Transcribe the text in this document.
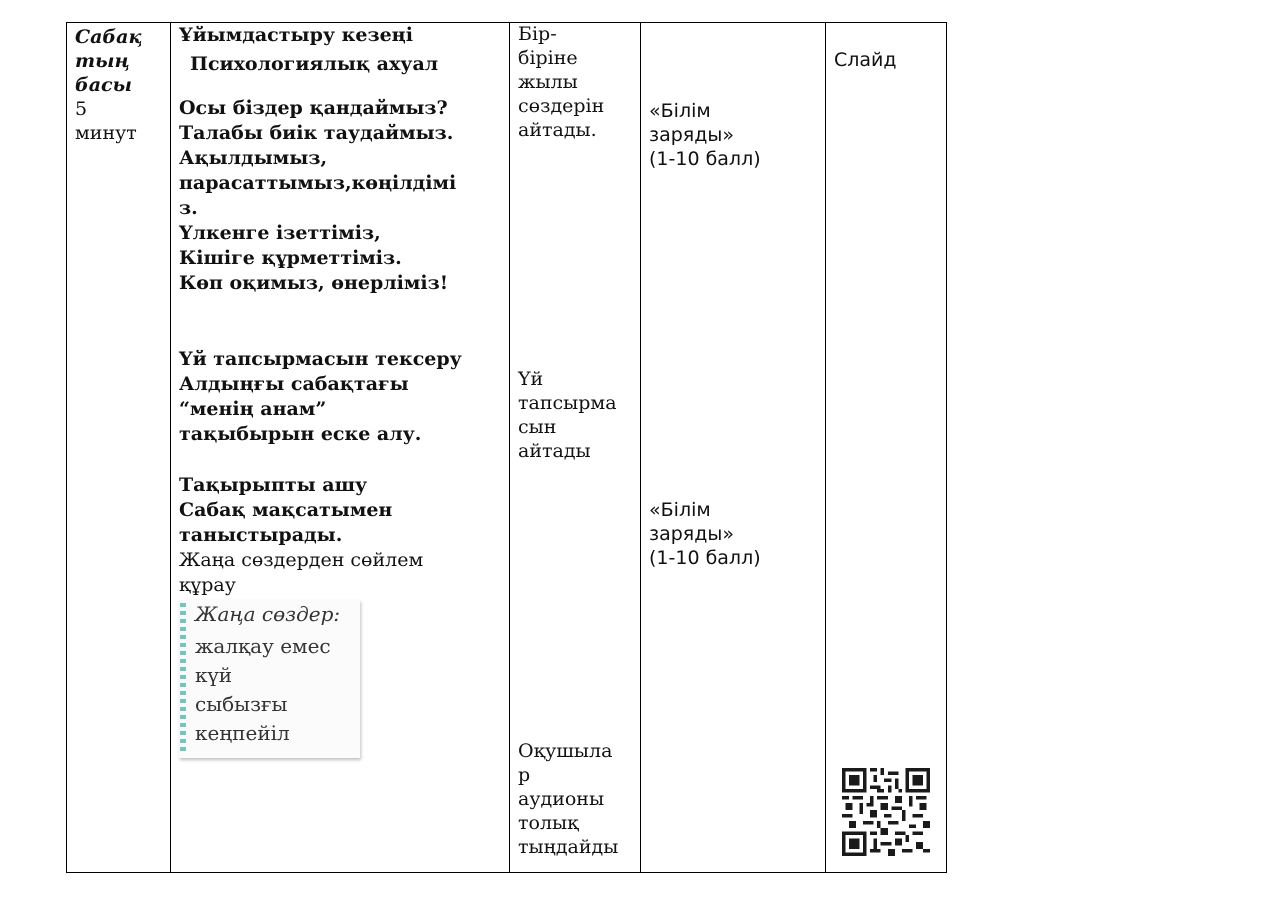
Сабақ
тың
басы
5
минут

Ұйымдастыру кезеңі
Психологиялық ахуал
Осы біздер қандаймыз?
Талабы биік таудаймыз.
Ақылдымыз,
парасаттымыз,көңілдімі
з.
Үлкенге ізеттіміз,
Кішіге құрметтіміз.
Көп оқимыз, өнерліміз!
Үй тапсырмасын тексеру
Алдыңғы сабақтағы
“менің анам”
тақыбырын еске алу.
Тақырыпты ашу
Сабақ мақсатымен
таныстырады.
Жаңа сөздерден сөйлем
құрау
Жаңа сөздер:
жалқау емес
күй
сыбызғы
кеңпейіл

Бір-
біріне
жылы
сөздерін
айтады.
Үй
тапсырма
сын
айтады
Оқушыла
р
аудионы
толық
тыңдайды

«Білім
заряды»
(1-10 балл)
«Білім
заряды»
(1-10 балл)

Слайд
